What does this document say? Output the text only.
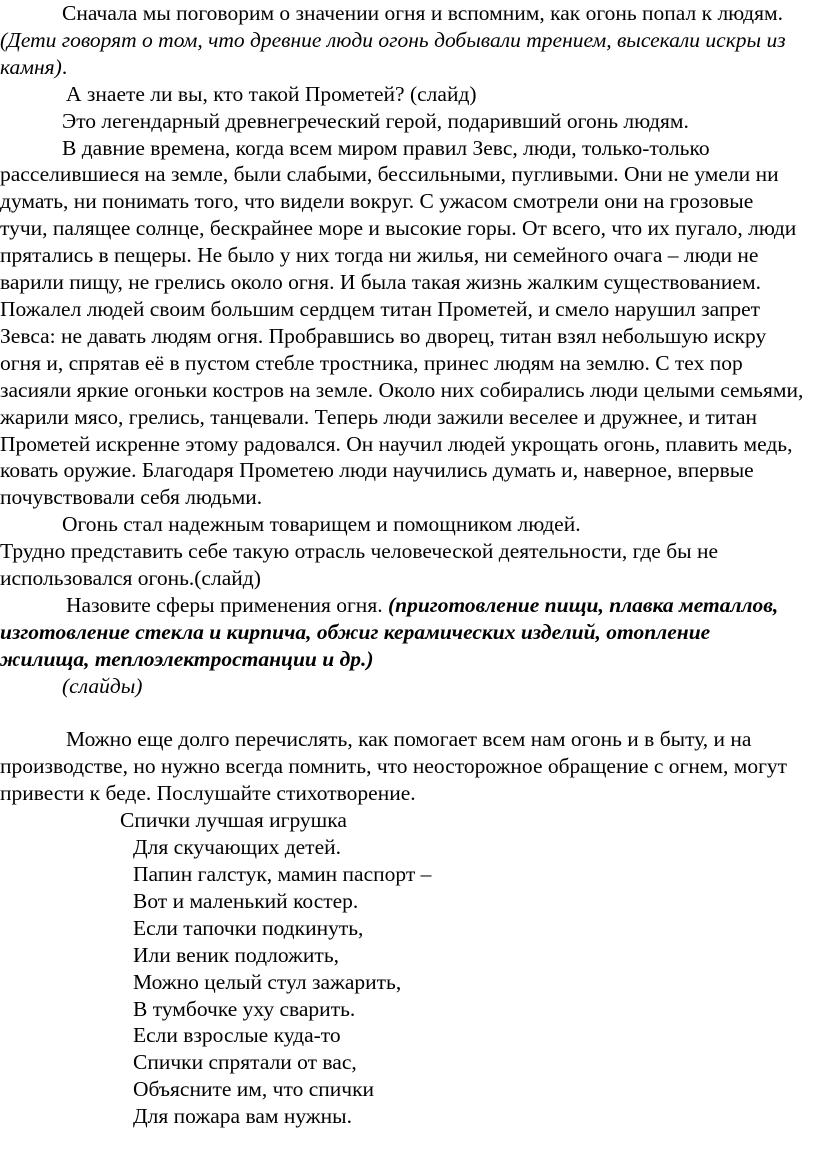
Сначала мы поговорим о значении огня и вспомним, как огонь попал к людям. (Дети говорят о том, что древние люди огонь добывали трением, высекали искры из камня).

А знаете ли вы, кто такой Прометей? (слайд)

Это легендарный древнегреческий герой, подаривший огонь людям.

В давние времена, когда всем миром правил Зевс, люди, только-только расселившиеся на земле, были слабыми, бессильными, пугливыми. Они не умели ни думать, ни понимать того, что видели вокруг. С ужасом смотрели они на грозовые тучи, палящее солнце, бескрайнее море и высокие горы. От всего, что их пугало, люди прятались в пещеры. Не было у них тогда ни жилья, ни семейного очага – люди не варили пищу, не грелись около огня. И была такая жизнь жалким существованием. Пожалел людей своим большим сердцем титан Прометей, и смело нарушил запрет Зевса: не давать людям огня. Пробравшись во дворец, титан взял небольшую искру огня и, спрятав её в пустом стебле тростника, принес людям на землю. С тех пор засияли яркие огоньки костров на земле. Около них собирались люди целыми семьями, жарили мясо, грелись, танцевали. Теперь люди зажили веселее и дружнее, и титан Прометей искренне этому радовался. Он научил людей укрощать огонь, плавить медь, ковать оружие. Благодаря Прометею люди научились думать и, наверное, впервые почувствовали себя людьми.

Огонь стал надежным товарищем и помощником людей.

Трудно представить себе такую отрасль человеческой деятельности, где бы не использовался огонь.(слайд)

Назовите сферы применения огня. (приготовление пищи, плавка металлов, изготовление стекла и кирпича, обжиг керамических изделий, отопление жилища, теплоэлектростанции и др.)

(слайды)

Можно еще долго перечислять, как помогает всем нам огонь и в быту, и на производстве, но нужно всегда помнить, что неосторожное обращение с огнем, могут привести к беде. Послушайте стихотворение.

Спички лучшая игрушка
Для скучающих детей.
Папин галстук, мамин паспорт –
Вот и маленький костер.
Если тапочки подкинуть,
Или веник подложить,
Можно целый стул зажарить,
В тумбочке уху сварить.
Если взрослые куда-то
Спички спрятали от вас,
Объясните им, что спички
Для пожара вам нужны.
